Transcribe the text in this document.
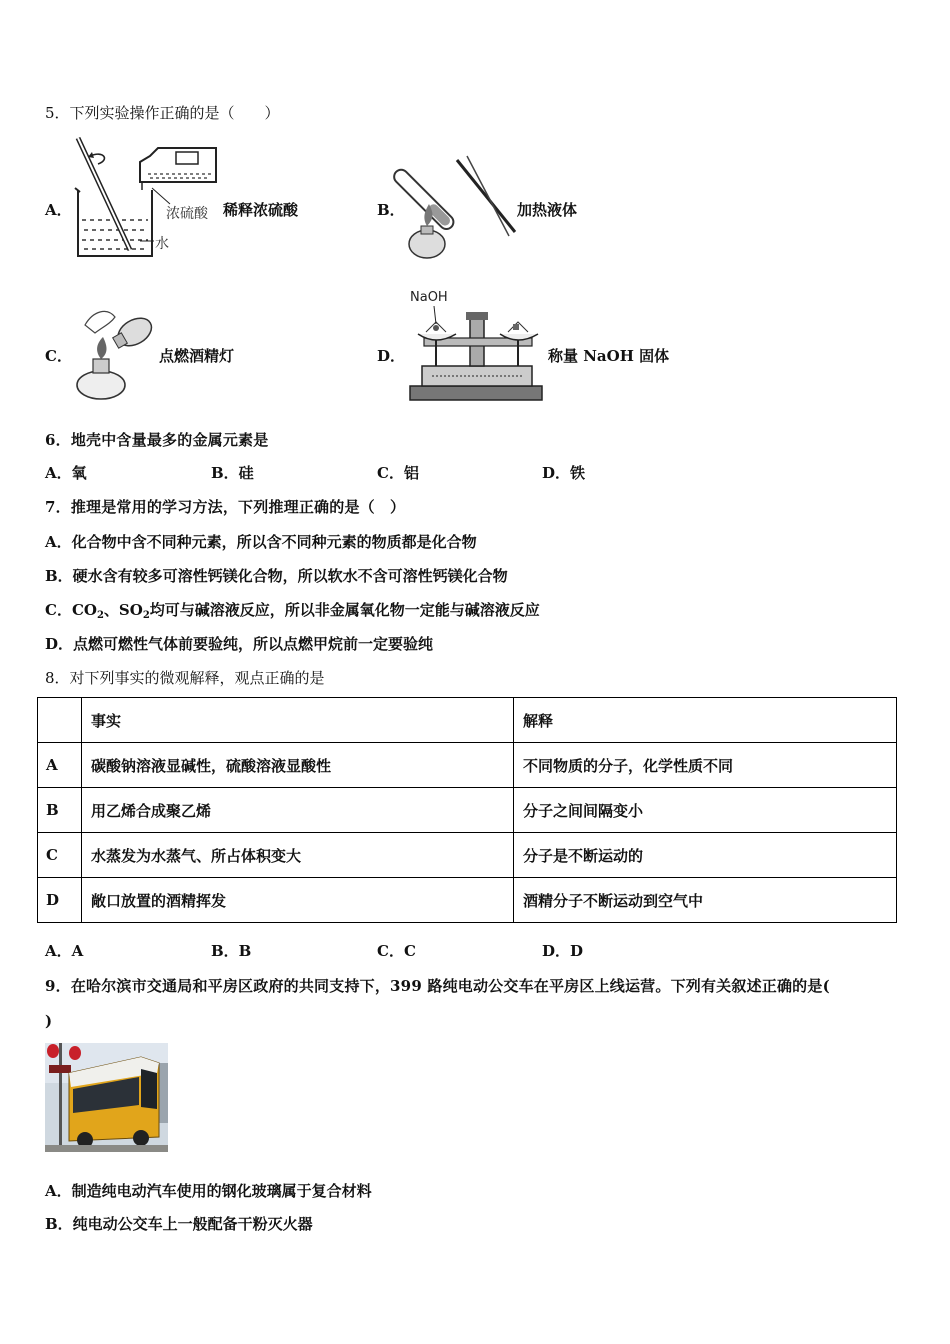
5．下列实验操作正确的是（　　）
浓硫酸
水
A．	稀释浓硫酸	B．	加热液体
C．	点燃酒精灯
NaOH
D．	称量 NaOH 固体
6．地壳中含量最多的金属元素是
A．氧	B．硅	C．铝	D．铁
7．推理是常用的学习方法，下列推理正确的是（　）
A．化合物中含不同种元素，所以含不同种元素的物质都是化合物
B．硬水含有较多可溶性钙镁化合物，所以软水不含可溶性钙镁化合物
C．$CO_2$、$SO_2$均可与碱溶液反应，所以非金属氧化物一定能与碱溶液反应
D．点燃可燃性气体前要验纯，所以点燃甲烷前一定要验纯
8．对下列事实的微观解释，观点正确的是
	事实	解释
A	碳酸钠溶液显碱性，硫酸溶液显酸性	不同物质的分子，化学性质不同
B	用乙烯合成聚乙烯	分子之间间隔变小
C	水蒸发为水蒸气、所占体积变大	分子是不断运动的
D	敞口放置的酒精挥发	酒精分子不断运动到空气中
A．A	B．B	C．C	D．D
9．在哈尔滨市交通局和平房区政府的共同支持下，399 路纯电动公交车在平房区上线运营。下列有关叙述正确的是(
)
A．制造纯电动汽车使用的钢化玻璃属于复合材料
B．纯电动公交车上一般配备干粉灭火器
